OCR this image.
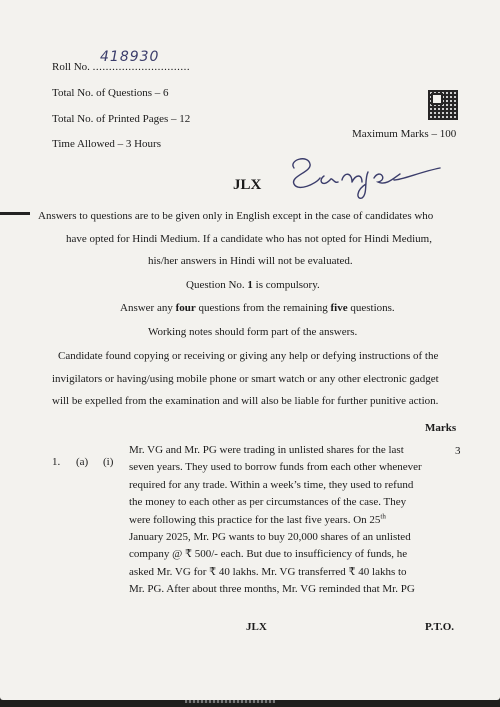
Roll No. ..............................
418930
Total No. of Questions – 6
Total No. of Printed Pages – 12
Time Allowed – 3 Hours
Maximum Marks – 100
JLX
Answers to questions are to be given only in English except in the case of candidates who
have opted for Hindi Medium. If a candidate who has not opted for Hindi Medium,
his/her answers in Hindi will not be evaluated.
Question No. 1 is compulsory.
Answer any four questions from the remaining five questions.
Working notes should form part of the answers.
Candidate found copying or receiving or giving any help or defying instructions of the
invigilators or having/using mobile phone or smart watch or any other electronic gadget
will be expelled from the examination and will also be liable for further punitive action.
Marks
1. (a) (i)
3
Mr. VG and Mr. PG were trading in unlisted shares for the last
seven years. They used to borrow funds from each other whenever
required for any trade. Within a week’s time, they used to refund
the money to each other as per circumstances of the case. They
were following this practice for the last five years. On 25th
January 2025, Mr. PG wants to buy 20,000 shares of an unlisted
company @ ₹ 500/- each. But due to insufficiency of funds, he
asked Mr. VG for ₹ 40 lakhs. Mr. VG transferred ₹ 40 lakhs to
Mr. PG. After about three months, Mr. VG reminded that Mr. PG
JLX	P.T.O.
